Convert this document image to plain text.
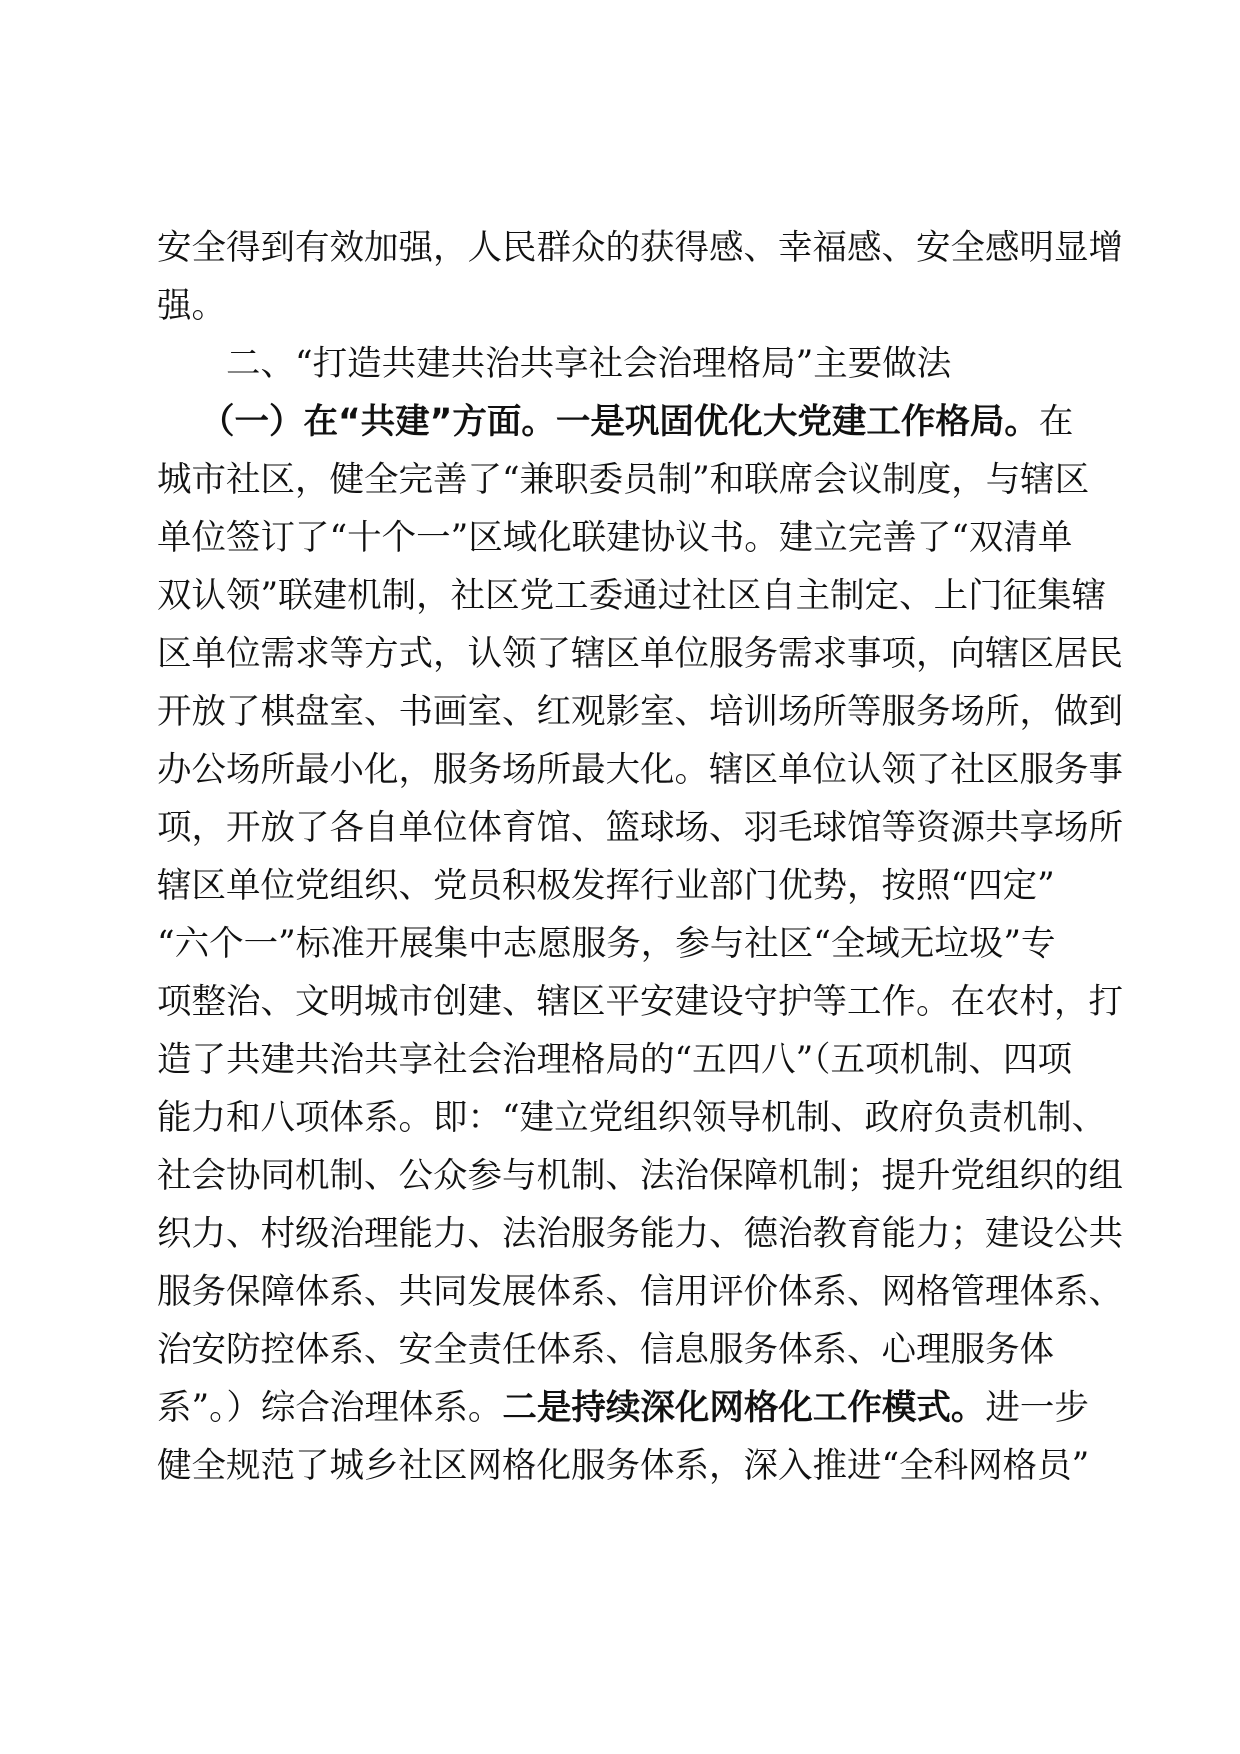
安全得到有效加强，人民群众的获得感、幸福感、安全感明显增
强。
二、“打造共建共治共享社会治理格局”主要做法
（一）在“共建”方面。一是巩固优化大党建工作格局。在
城市社区，健全完善了“兼职委员制”和联席会议制度，与辖区
单位签订了“十个一”区域化联建协议书。建立完善了“双清单
双认领”联建机制，社区党工委通过社区自主制定、上门征集辖
区单位需求等方式，认领了辖区单位服务需求事项，向辖区居民
开放了棋盘室、书画室、红观影室、培训场所等服务场所，做到
办公场所最小化，服务场所最大化。辖区单位认领了社区服务事
项，开放了各自单位体育馆、篮球场、羽毛球馆等资源共享场所
辖区单位党组织、党员积极发挥行业部门优势，按照“四定”
“六个一”标准开展集中志愿服务，参与社区“全域无垃圾”专
项整治、文明城市创建、辖区平安建设守护等工作。在农村，打
造了共建共治共享社会治理格局的“五四八”（五项机制、四项
能力和八项体系。即：“建立党组织领导机制、政府负责机制、
社会协同机制、公众参与机制、法治保障机制；提升党组织的组
织力、村级治理能力、法治服务能力、德治教育能力；建设公共
服务保障体系、共同发展体系、信用评价体系、网格管理体系、
治安防控体系、安全责任体系、信息服务体系、心理服务体
系”。）综合治理体系。二是持续深化网格化工作模式。进一步
健全规范了城乡社区网格化服务体系，深入推进“全科网格员”
